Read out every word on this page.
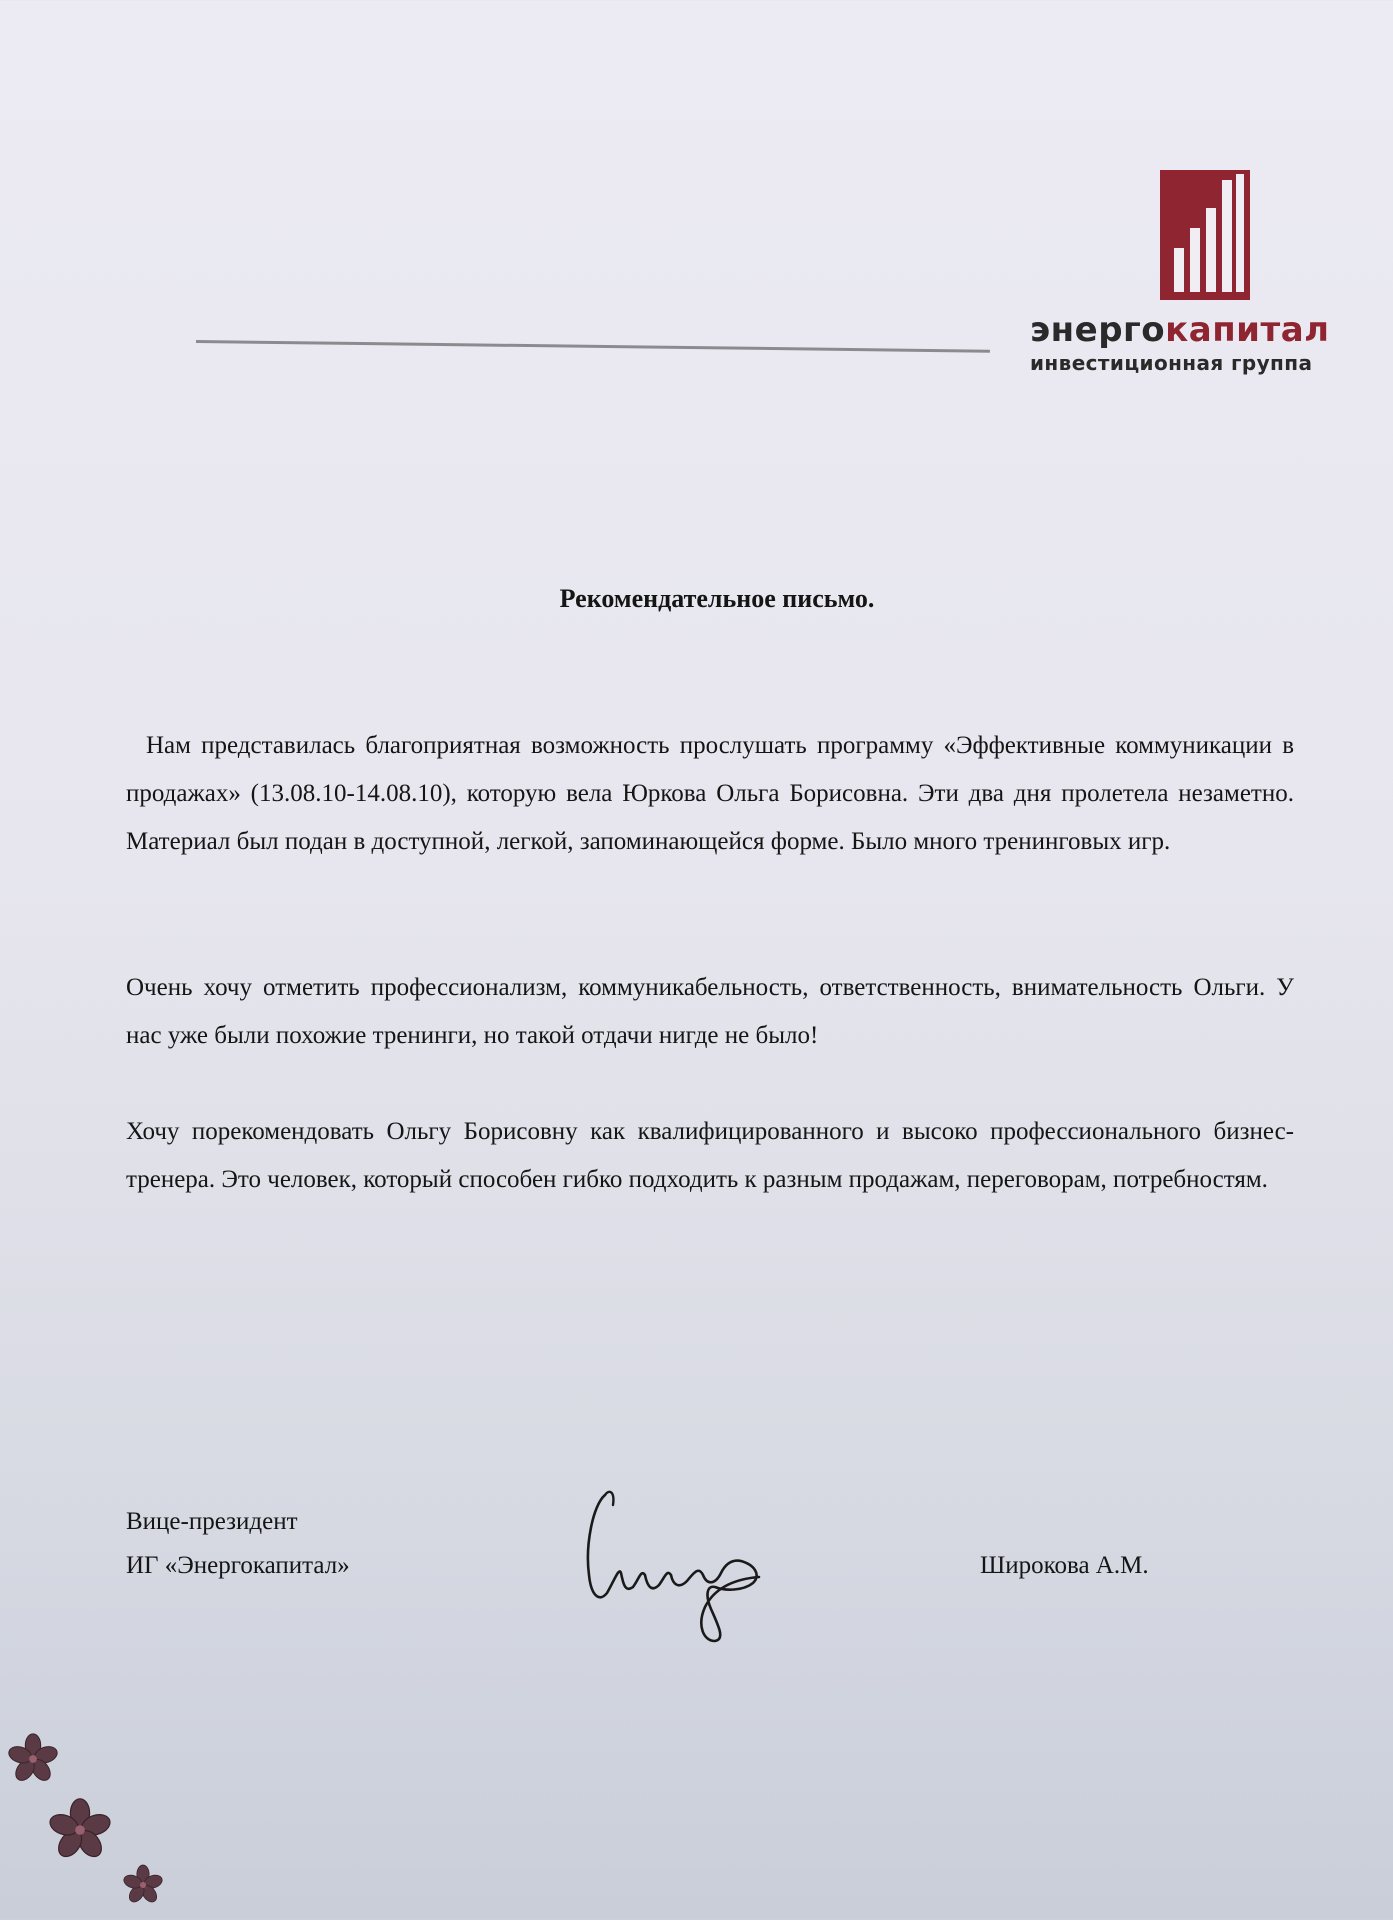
энергокапитал
инвестиционная группа
Рекомендательное письмо.
Нам представилась благоприятная возможность прослушать программу «Эффективные коммуникации в продажах» (13.08.10-14.08.10), которую вела Юркова Ольга Борисовна. Эти два дня пролетела незаметно. Материал был подан в доступной, легкой, запоминающейся форме. Было много тренинговых игр.
Очень хочу отметить профессионализм, коммуникабельность, ответственность, внимательность Ольги. У нас уже были похожие тренинги, но такой отдачи нигде не было!
Хочу порекомендовать Ольгу Борисовну как квалифицированного и высоко профессионального бизнес-тренера. Это человек, который способен гибко подходить к разным продажам, переговорам, потребностям.
Вице-президент
ИГ «Энергокапитал»	Широкова А.М.
